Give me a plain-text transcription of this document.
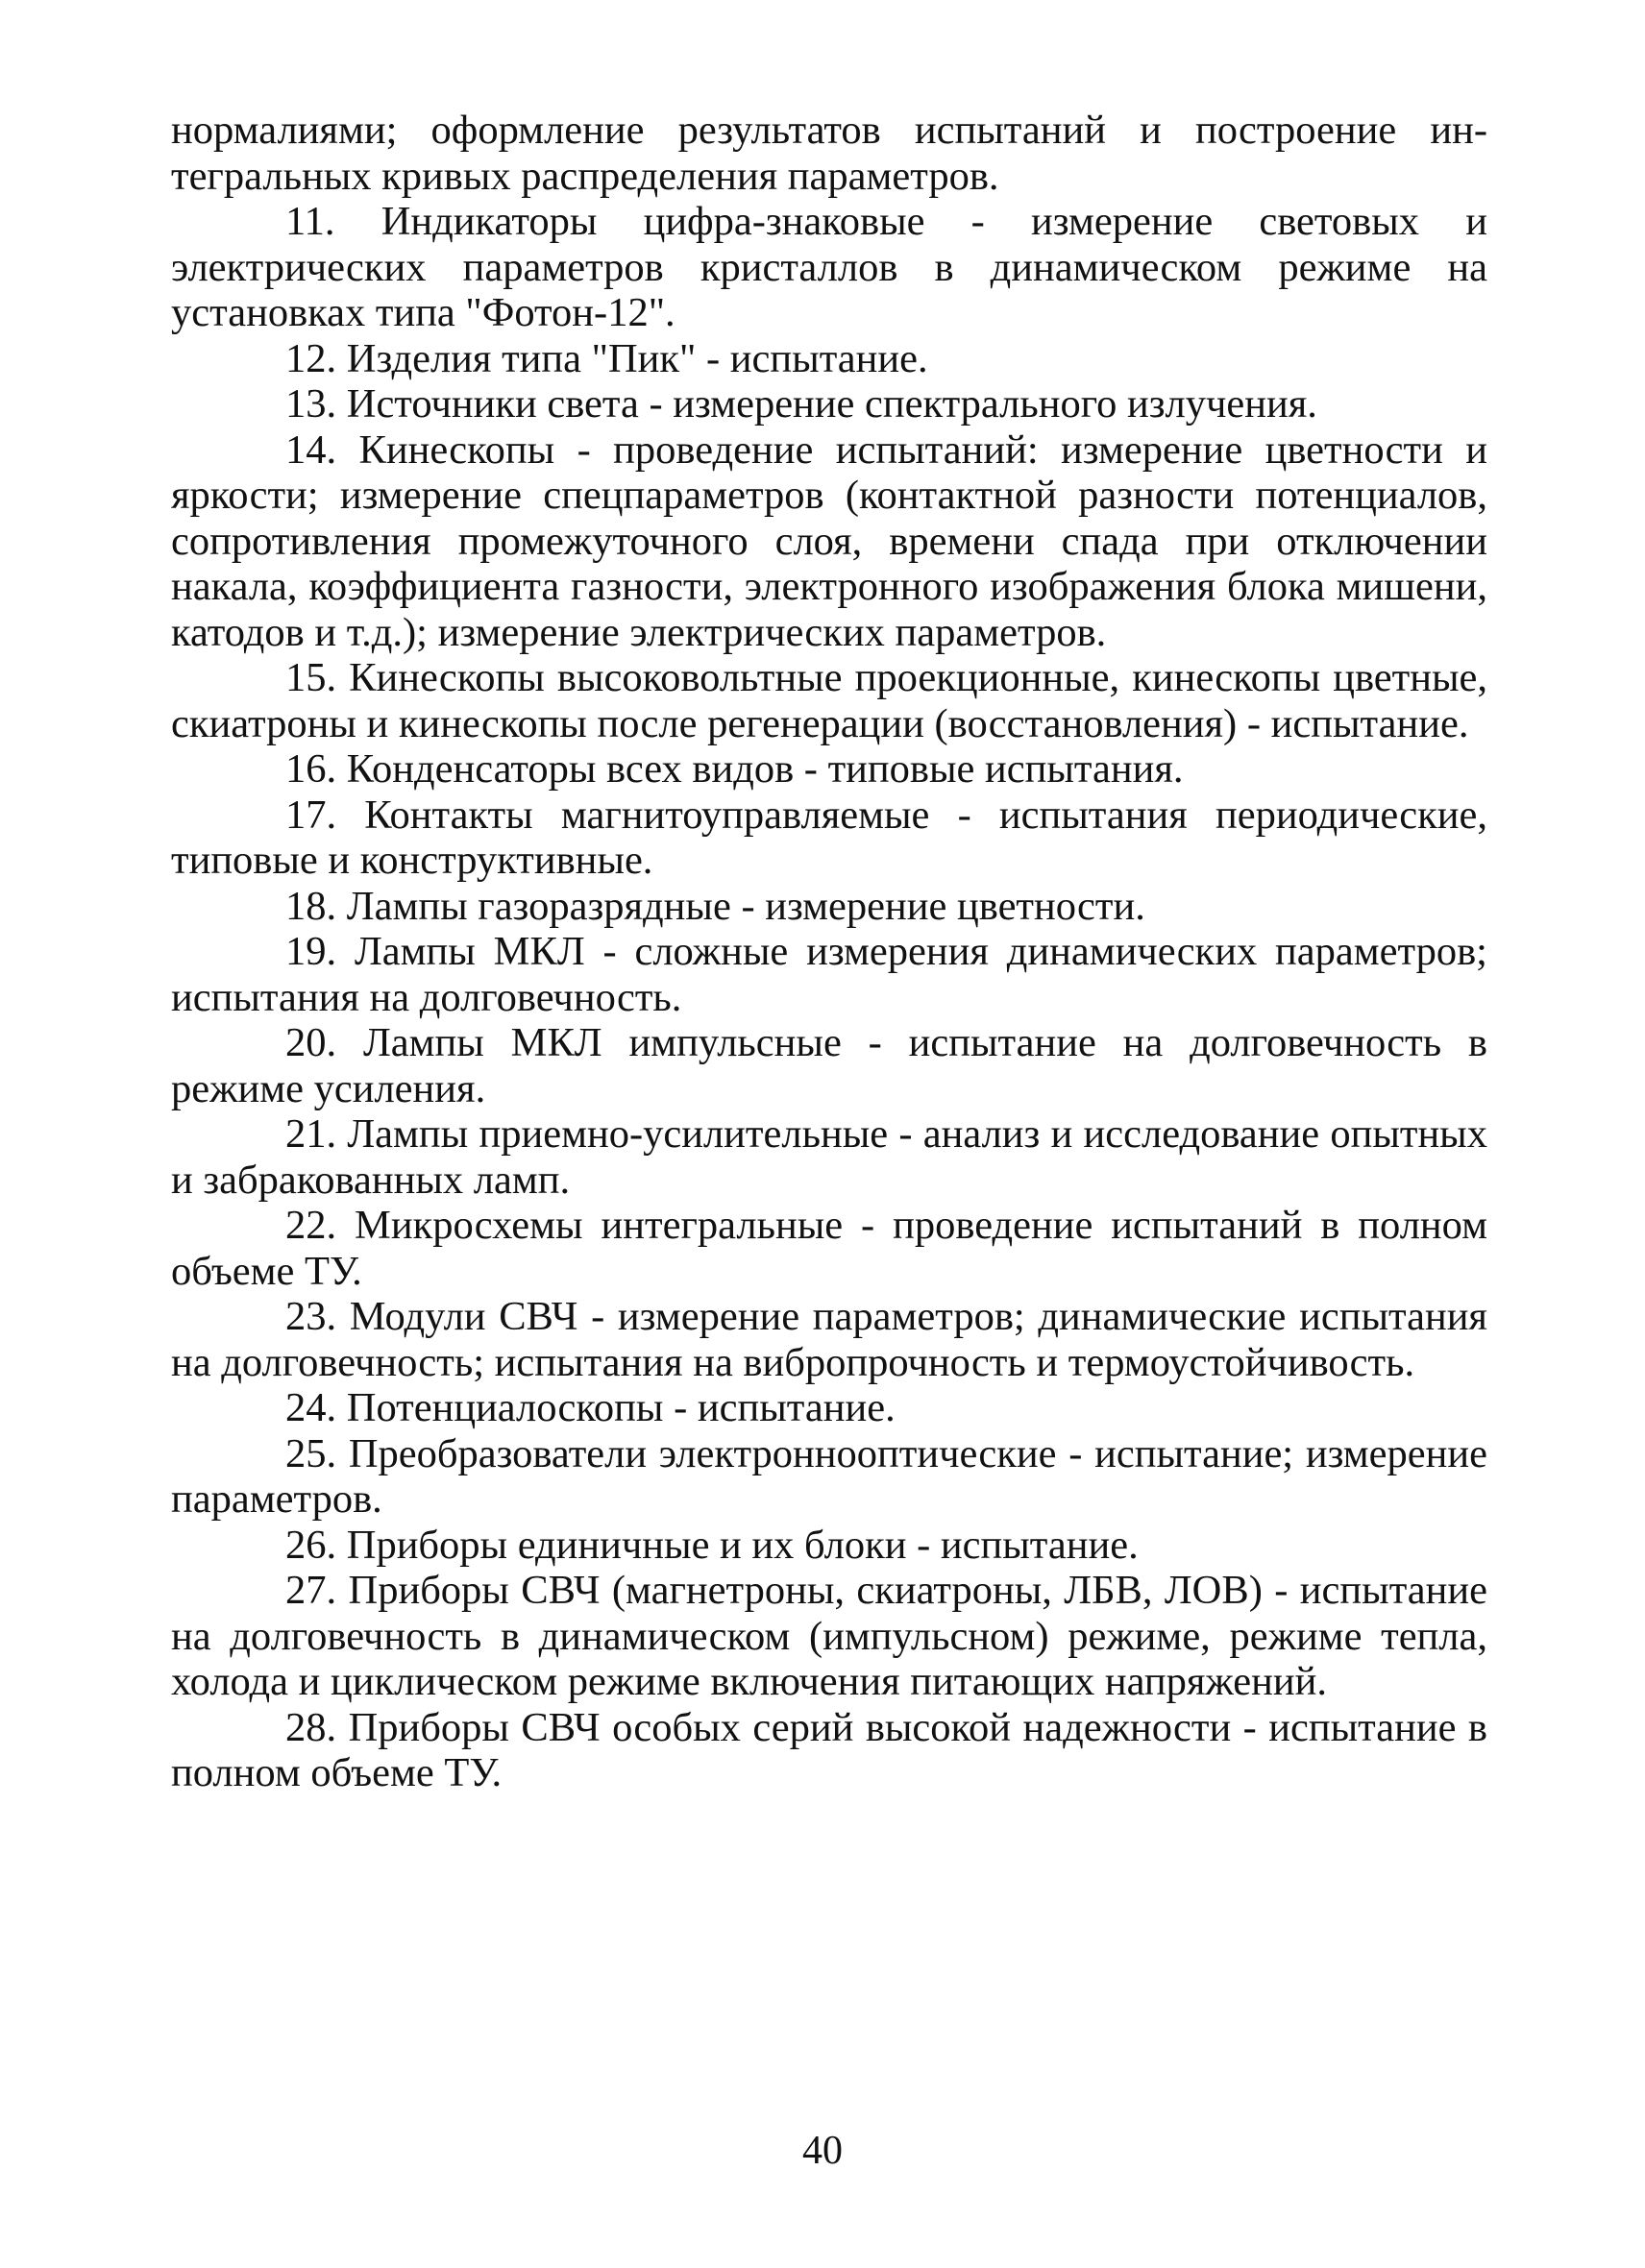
нормалиями; оформление результатов испытаний и построение интегральных кривых распределения параметров.

11. Индикаторы цифра-знаковые - измерение световых и электрических параметров кристаллов в динамическом режиме на установках типа "Фотон-12".

12. Изделия типа "Пик" - испытание.

13. Источники света - измерение спектрального излучения.

14. Кинескопы - проведение испытаний: измерение цветности и яркости; измерение спецпараметров (контактной разности потенциалов, сопротивления промежуточного слоя, времени спада при отключении накала, коэффициента газности, электронного изображения блока мишени, катодов и т.д.); измерение электрических параметров.

15. Кинескопы высоковольтные проекционные, кинескопы цветные, скиатроны и кинескопы после регенерации (восстановления) - испытание.

16. Конденсаторы всех видов - типовые испытания.

17. Контакты магнитоуправляемые - испытания периодические, типовые и конструктивные.

18. Лампы газоразрядные - измерение цветности.

19. Лампы МКЛ - сложные измерения динамических параметров; испытания на долговечность.

20. Лампы МКЛ импульсные - испытание на долговечность в режиме усиления.

21. Лампы приемно-усилительные - анализ и исследование опытных и забракованных ламп.

22. Микросхемы интегральные - проведение испытаний в полном объеме ТУ.

23. Модули СВЧ - измерение параметров; динамические испытания на долговечность; испытания на вибропрочность и термоустойчивость.

24. Потенциалоскопы - испытание.

25. Преобразователи электроннооптические - испытание; измерение параметров.

26. Приборы единичные и их блоки - испытание.

27. Приборы СВЧ (магнетроны, скиатроны, ЛБВ, ЛОВ) - испытание на долговечность в динамическом (импульсном) режиме, режиме тепла, холода и циклическом режиме включения питающих напряжений.

28. Приборы СВЧ особых серий высокой надежности - испытание в полном объеме ТУ.

40
